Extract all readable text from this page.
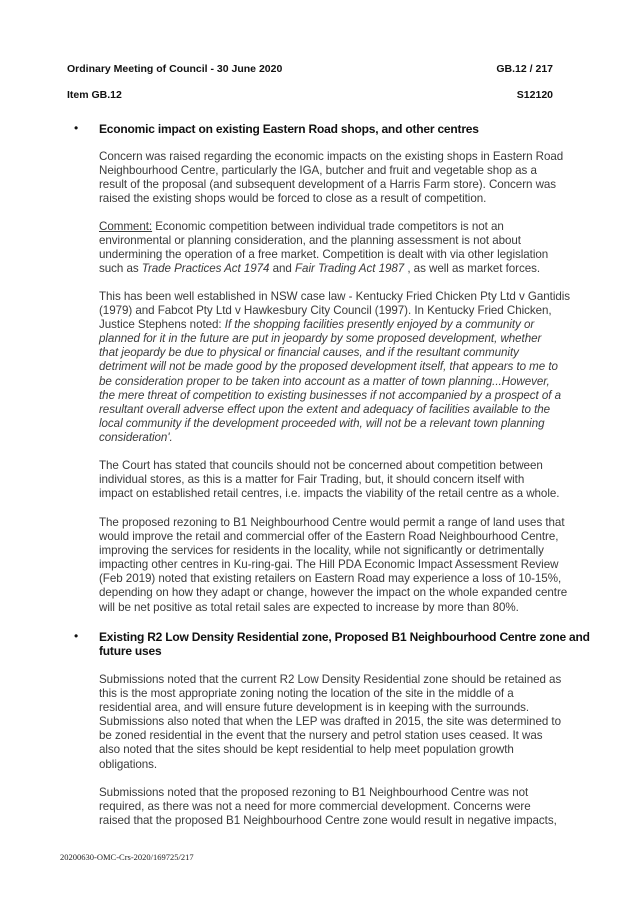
Ordinary Meeting of Council - 30 June 2020	GB.12 / 217
Item GB.12	S12120
• Economic impact on existing Eastern Road shops, and other centres
Concern was raised regarding the economic impacts on the existing shops in Eastern Road
Neighbourhood Centre, particularly the IGA, butcher and fruit and vegetable shop as a
result of the proposal (and subsequent development of a Harris Farm store). Concern was
raised the existing shops would be forced to close as a result of competition.
Comment: Economic competition between individual trade competitors is not an
environmental or planning consideration, and the planning assessment is not about
undermining the operation of a free market. Competition is dealt with via other legislation
such as Trade Practices Act 1974 and Fair Trading Act 1987 , as well as market forces.
This has been well established in NSW case law - Kentucky Fried Chicken Pty Ltd v Gantidis
(1979) and Fabcot Pty Ltd v Hawkesbury City Council (1997). In Kentucky Fried Chicken,
Justice Stephens noted: If the shopping facilities presently enjoyed by a community or
planned for it in the future are put in jeopardy by some proposed development, whether
that jeopardy be due to physical or financial causes, and if the resultant community
detriment will not be made good by the proposed development itself, that appears to me to
be consideration proper to be taken into account as a matter of town planning...However,
the mere threat of competition to existing businesses if not accompanied by a prospect of a
resultant overall adverse effect upon the extent and adequacy of facilities available to the
local community if the development proceeded with, will not be a relevant town planning
consideration'.
The Court has stated that councils should not be concerned about competition between
individual stores, as this is a matter for Fair Trading, but, it should concern itself with
impact on established retail centres, i.e. impacts the viability of the retail centre as a whole.
The proposed rezoning to B1 Neighbourhood Centre would permit a range of land uses that
would improve the retail and commercial offer of the Eastern Road Neighbourhood Centre,
improving the services for residents in the locality, while not significantly or detrimentally
impacting other centres in Ku-ring-gai. The Hill PDA Economic Impact Assessment Review
(Feb 2019) noted that existing retailers on Eastern Road may experience a loss of 10-15%,
depending on how they adapt or change, however the impact on the whole expanded centre
will be net positive as total retail sales are expected to increase by more than 80%.
• Existing R2 Low Density Residential zone, Proposed B1 Neighbourhood Centre zone and
future uses
Submissions noted that the current R2 Low Density Residential zone should be retained as
this is the most appropriate zoning noting the location of the site in the middle of a
residential area, and will ensure future development is in keeping with the surrounds.
Submissions also noted that when the LEP was drafted in 2015, the site was determined to
be zoned residential in the event that the nursery and petrol station uses ceased. It was
also noted that the sites should be kept residential to help meet population growth
obligations.
Submissions noted that the proposed rezoning to B1 Neighbourhood Centre was not
required, as there was not a need for more commercial development. Concerns were
raised that the proposed B1 Neighbourhood Centre zone would result in negative impacts,
20200630-OMC-Crs-2020/169725/217
